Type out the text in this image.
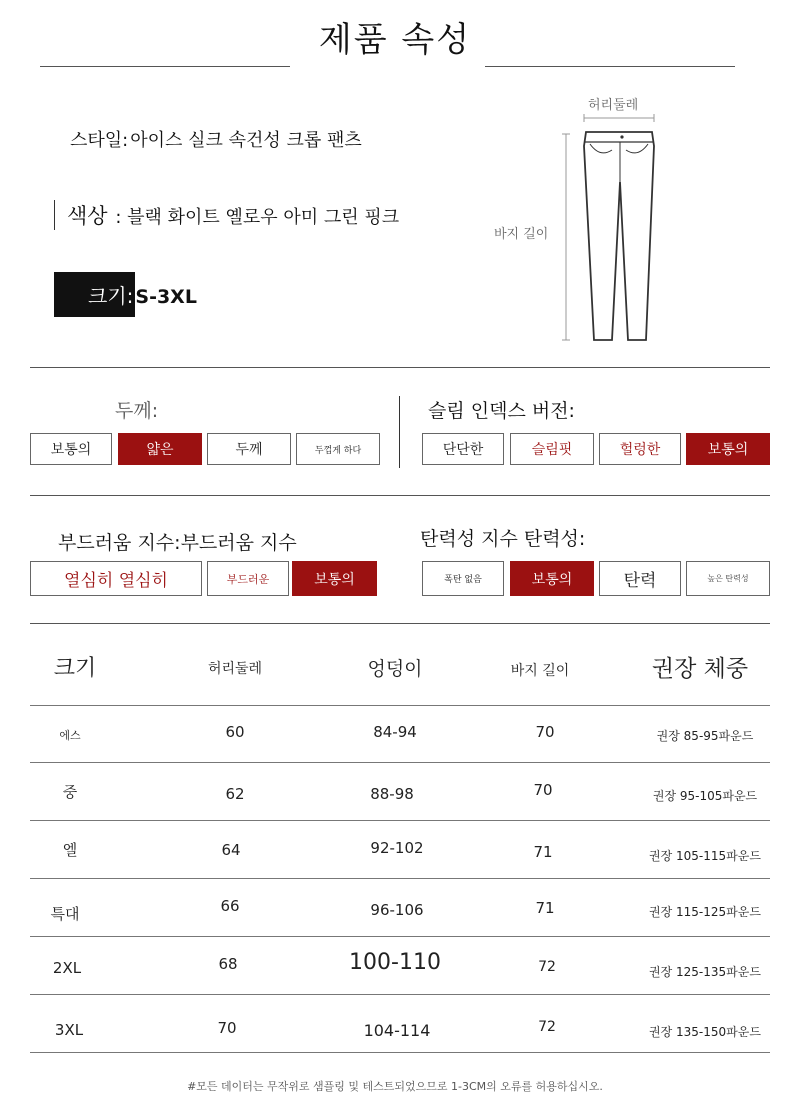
제품 속성
스타일: 아이스 실크 속건성 크롭 팬츠
색상 : 블랙 화이트 옐로우 아미 그린 핑크
크기: S-3XL
허리둘레
바지 길이
두께:
보통의	얇은	두께	두껍게 하다
슬림 인덱스 버전:
단단한	슬림핏	헐렁한	보통의
부드러움 지수:부드러움 지수
열심히 열심히	부드러운	보통의
탄력성 지수 탄력성:
폭탄 없음	보통의	탄력	높은 탄력성
크기	허리둘레	엉덩이	바지 길이	권장 체중
에스	60	84-94	70	권장 85-95파운드
중	62	88-98	70	권장 95-105파운드
엘	64	92-102	71	권장 105-115파운드
특대	66	96-106	71	권장 115-125파운드
2XL	68	100-110	72	권장 125-135파운드
3XL	70	104-114	72	권장 135-150파운드
#모든 데이터는 무작위로 샘플링 및 테스트되었으므로 1-3CM의 오류를 허용하십시오.
